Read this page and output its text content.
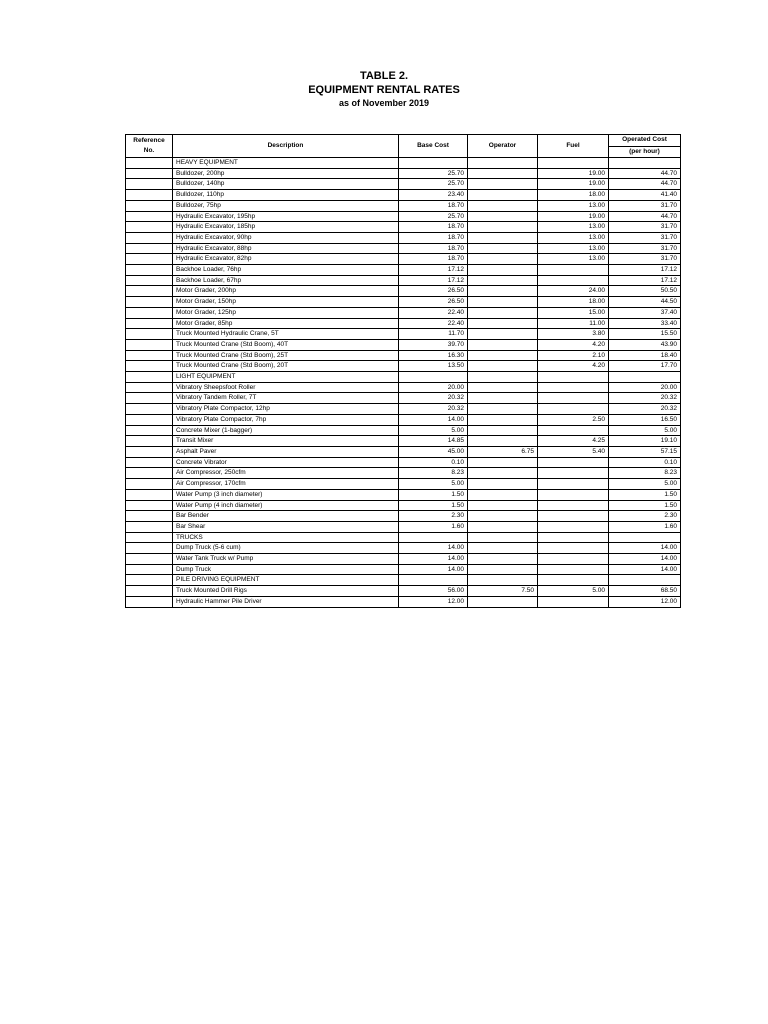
TABLE 2.
EQUIPMENT RENTAL RATES
as of November 2019
Reference
No.	Description	Base Cost	Operator	Fuel	Operated Cost
					(per hour)
	HEAVY EQUIPMENT				
	Bulldozer, 200hp	25.70		19.00	44.70
	Bulldozer, 140hp	25.70		19.00	44.70
	Bulldozer, 110hp	23.40		18.00	41.40
	Bulldozer, 75hp	18.70		13.00	31.70
	Hydraulic Excavator, 195hp	25.70		19.00	44.70
	Hydraulic Excavator, 185hp	18.70		13.00	31.70
	Hydraulic Excavator, 90hp	18.70		13.00	31.70
	Hydraulic Excavator, 88hp	18.70		13.00	31.70
	Hydraulic Excavator, 82hp	18.70		13.00	31.70
	Backhoe Loader, 76hp	17.12			17.12
	Backhoe Loader, 67hp	17.12			17.12
	Motor Grader, 200hp	26.50		24.00	50.50
	Motor Grader, 150hp	26.50		18.00	44.50
	Motor Grader, 125hp	22.40		15.00	37.40
	Motor Grader, 85hp	22.40		11.00	33.40
	Truck Mounted Hydraulic Crane, 5T	11.70		3.80	15.50
	Truck Mounted Crane (Std Boom), 40T	39.70		4.20	43.90
	Truck Mounted Crane (Std Boom), 25T	16.30		2.10	18.40
	Truck Mounted Crane (Std Boom), 20T	13.50		4.20	17.70
	LIGHT EQUIPMENT				
	Vibratory Sheepsfoot Roller	20.00			20.00
	Vibratory Tandem Roller, 7T	20.32			20.32
	Vibratory Plate Compactor, 12hp	20.32			20.32
	Vibratory Plate Compactor, 7hp	14.00		2.50	16.50
	Concrete Mixer (1-bagger)	5.00			5.00
	Transit Mixer	14.85		4.25	19.10
	Asphalt Paver	45.00	6.75	5.40	57.15
	Concrete Vibrator	0.10			0.10
	Air Compressor, 250cfm	8.23			8.23
	Air Compressor, 170cfm	5.00			5.00
	Water Pump (3 inch diameter)	1.50			1.50
	Water Pump (4 inch diameter)	1.50			1.50
	Bar Bender	2.30			2.30
	Bar Shear	1.60			1.60
	TRUCKS				
	Dump Truck (5-6 cum)	14.00			14.00
	Water Tank Truck w/ Pump	14.00			14.00
	Dump Truck	14.00			14.00
	PILE DRIVING EQUIPMENT				
	Truck Mounted Drill Rigs	56.00	7.50	5.00	68.50
	Hydraulic Hammer Pile Driver	12.00			12.00
